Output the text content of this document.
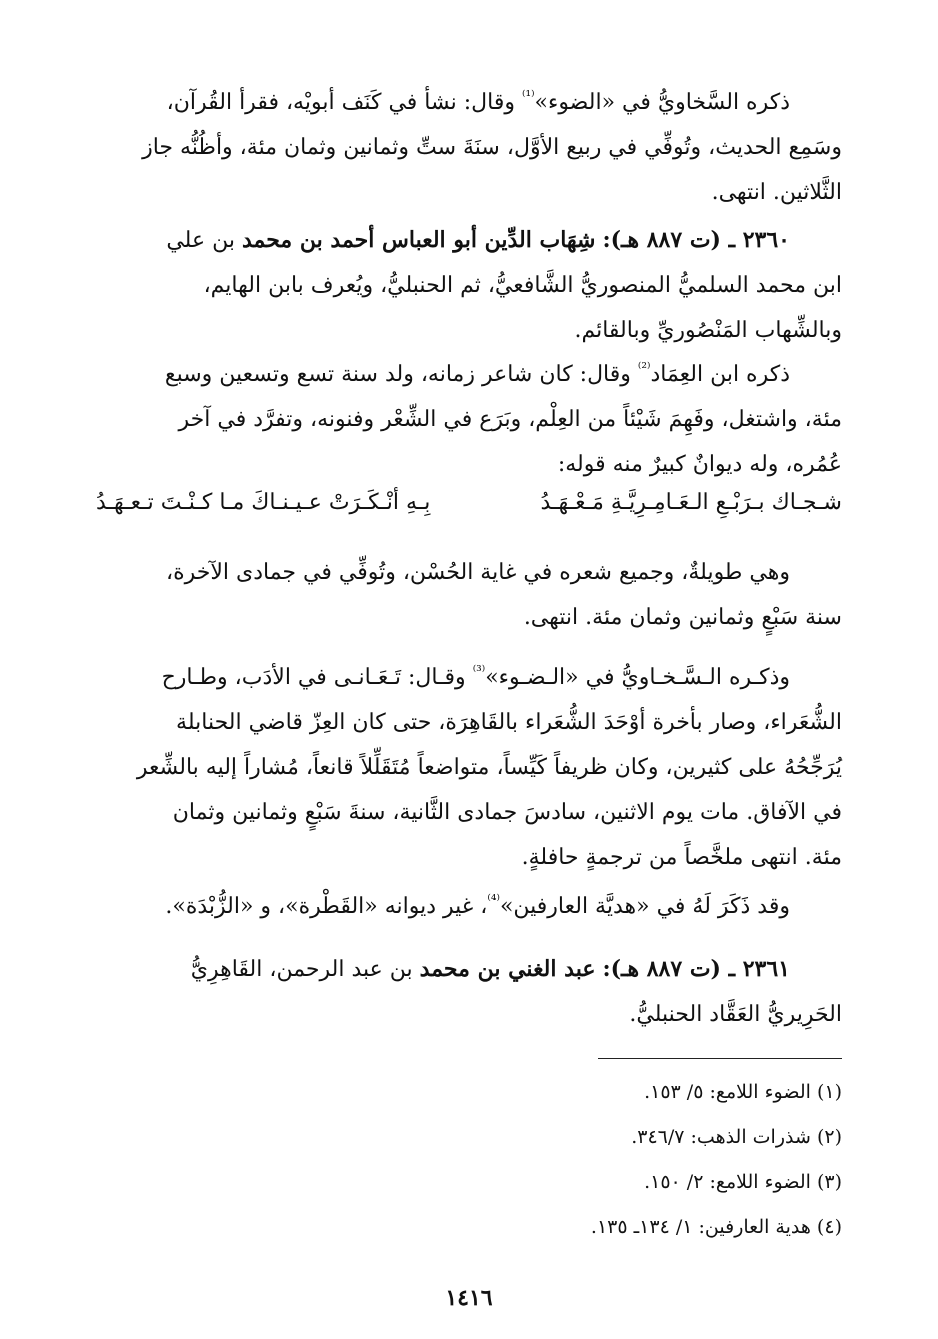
ذكره السَّخاويُّ في «الضوء»$^{^{(1)}}$ وقال: نشأ في كَنَف أبويْه، فقرأ القُرآن،
وسَمِع الحديث، وتُوفِّي في ربيع الأوَّل، سنَةَ ستِّ وثمانين وثمان مئة، وأظُنُّه جاز
الثَّلاثين. انتهى.

٢٣٦٠ ـ (ت ٨٨٧ هـ): شِهَاب الدِّين أبو العباس أحمد بن محمد بن علي
ابن محمد السلميُّ المنصوريُّ الشَّافعيُّ، ثم الحنبليُّ، ويُعرف بابن الهايم،
وبالشِّهاب المَنْصُوريِّ وبالقائم.

ذكره ابن العِمَاد$^{^{(2)}}$ وقال: كان شاعر زمانه، ولد سنة تسع وتسعين وسبع
مئة، واشتغل، وفَهِمَ شَيْئاً من العِلْم، وبَرَع في الشِّعْر وفنونه، وتفرَّد في آخر
عُمُره، وله ديوانٌ كبيرٌ منه قوله:

شـجـاك بـرَبْـعِ الـعَـامِـرِيَّـةِ مَـعْـهَـدُ
بِـهِ أنْـكَـرَتْ عـيـنـاكَ مـا كـنْـتَ تـعـهَـدُ

وهي طويلةٌ، وجميع شعره في غاية الحُسْن، وتُوفِّي في جمادى الآخرة،
سنة سَبْعٍ وثمانين وثمان مئة. انتهى.

وذكـره الـسَّـخـاويُّ في «الـضـوء»$^{^{(3)}}$ وقـال: تَـعَـانـى في الأدَب، وطـارح
الشُّعَراء، وصار بأخرة أوْحَدَ الشُّعَراء بالقَاهِرَة، حتى كان العِزّ قاضي الحنابلة
يُرَجِّحُهُ على كثيرين، وكان ظريفاً كَيِّساً، متواضعاً مُتَقَلِّلاً قانعاً، مُشاراً إليه بالشِّعر
في الآفاق. مات يوم الاثنين، سادسَ جمادى الثَّانية، سنةَ سَبْعٍ وثمانين وثمان
مئة. انتهى ملخَّصاً من ترجمةٍ حافلةٍ.

وقد ذَكَرَ لَهُ في «هديَّة العارفين»$^{^{(4)}}$، غير ديوانه «القَطْرة»، و «الزُّبْدَة».

٢٣٦١ ـ (ت ٨٨٧ هـ): عبد الغني بن محمد بن عبد الرحمن، القَاهِرِيُّ
الحَرِيريُّ العَقَّاد الحنبليُّ.

(١) الضوء اللامع: ٥/ ١٥٣.
(٢) شذرات الذهب: ٣٤٦/٧.
(٣) الضوء اللامع: ٢/ ١٥٠.
(٤) هدية العارفين: ١/ ١٣٤ـ ١٣٥.
١٤١٦
